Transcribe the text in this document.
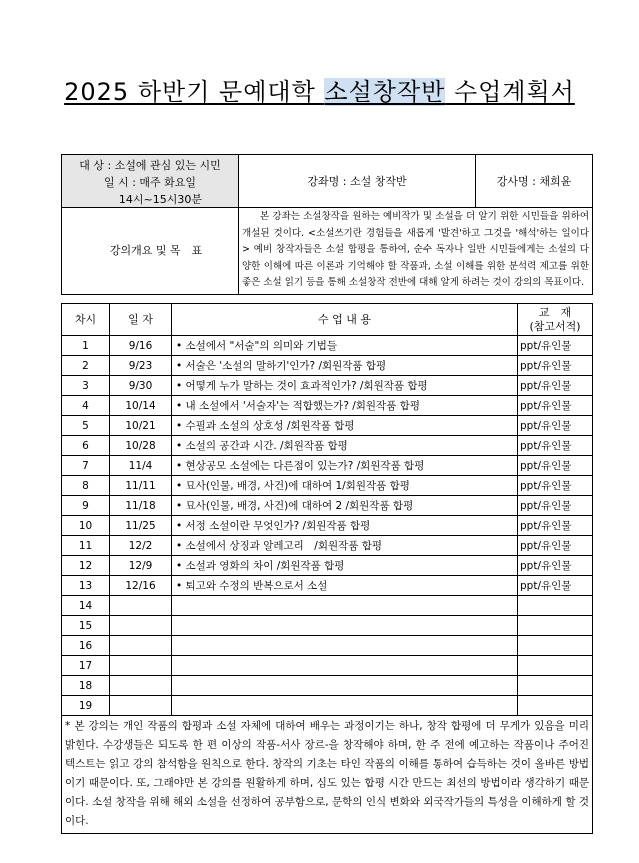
2025 하반기 문예대학 소설창작반 수업계획서
대 상 : 소설에 관심 있는 시민
일 시 : 매주 화요일
14시~15시30분	강좌명 : 소설 창작반	강사명 : 채희윤
강의개요 및 목　표	본 강좌는 소설창작을 원하는 예비작가 및 소설을 더 알기 위한 시민들을 위하여 개설된 것이다. <소설쓰기란 경험들을 새롭게 '발견'하고 그것을 '해석'하는 일이다> 예비 창작자들은 소설 합평을 통하여, 순수 독자나 일반 시민들에게는 소설의 다양한 이해에 따른 이론과 기억해야 할 작품과, 소설 이해를 위한 분석력 제고를 위한 좋은 소설 읽기 등을 통해 소설창작 전반에 대해 알게 하려는 것이 강의의 목표이다.	
차시	일 자	수 업 내 용	교　재
(참고서적)
1	9/16	• 소설에서 "서술"의 의미와 기법들	ppt/유인물
2	9/23	• 서술은 '소설의 말하기'인가? /회원작품 합평	ppt/유인물
3	9/30	• 어떻게 누가 말하는 것이 효과적인가? /회원작품 합평	ppt/유인물
4	10/14	• 내 소설에서 '서술자'는 적합했는가? /회원작품 합평	ppt/유인물
5	10/21	• 수필과 소설의 상호성 /회원작품 합평	ppt/유인물
6	10/28	• 소설의 공간과 시간. /회원작품 합평	ppt/유인물
7	11/4	• 현상공모 소설에는 다른점이 있는가? /회원작품 합평	ppt/유인물
8	11/11	• 묘사(인물, 배경, 사건)에 대하여 1/회원작품 합평	ppt/유인물
9	11/18	• 묘사(인물, 배경, 사건)에 대하여 2 /회원작품 합평	ppt/유인물
10	11/25	• 서정 소설이란 무엇인가? /회원작품 합평	ppt/유인물
11	12/2	• 소설에서 상징과 알레고리　/회원작품 합평	ppt/유인물
12	12/9	• 소설과 영화의 차이 /회원작품 합평	ppt/유인물
13	12/16	• 퇴고와 수정의 반복으로서 소설	ppt/유인물
14			
15			
16			
17			
18			
19			
* 본 강의는 개인 작품의 합평과 소설 자체에 대하여 배우는 과정이기는 하나, 창작 합평에 더 무게가 있음을 미리 밝힌다. 수강생들은 되도록 한 편 이상의 작품-서사 장르-을 창작해야 하며, 한 주 전에 예고하는 작품이나 주어진 텍스트는 읽고 강의 참석함을 원칙으로 한다. 창작의 기초는 타인 작품의 이해를 통하여 습득하는 것이 올바른 방법이기 때문이다. 또, 그래야만 본 강의를 원활하게 하며, 심도 있는 합평 시간 만드는 최선의 방법이라 생각하기 때문이다. 소설 창작을 위해 해외 소설을 선정하여 공부함으로, 문학의 인식 변화와 외국작가들의 특성을 이해하게 할 것이다.			
